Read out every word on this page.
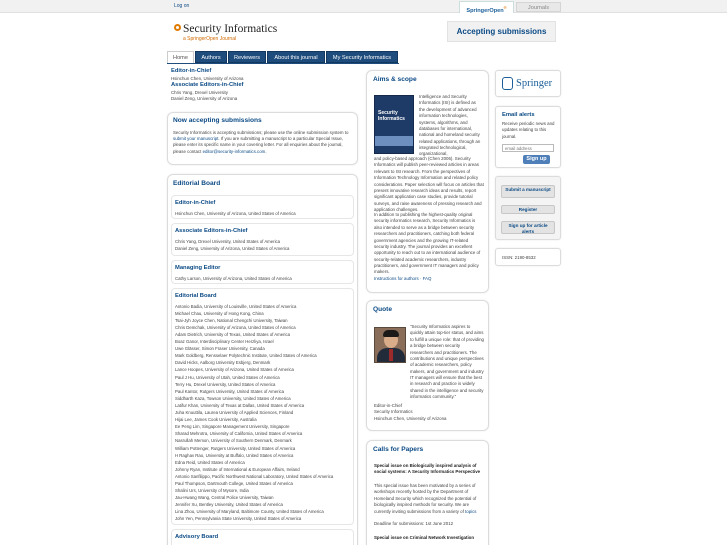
Log on
SpringerOpen®	Journals
Security Informatics
a SpringerOpen Journal
Accepting submissions
Home	Authors	Reviewers	About this journal	My Security Informatics
Editor-in-Chief
Hsinchun Chen, University of Arizona
Associate Editors-in-Chief
Chris Yang, Drexel University
Daniel Zeng, University of Arizona
Now accepting submissions
Security Informatics is accepting submissions; please use the online submission system to submit your manuscript. If you are submitting a manuscript to a particular Special Issue, please enter its specific name in your covering letter. For all enquiries about the journal, please contact editor@security-informatics.com.
Editorial Board
Editor-in-Chief
Hsinchun Chen, University of Arizona, United States of America
Associate Editors-in-Chief
Chris Yang, Drexel University, United States of America
Daniel Zeng, University of Arizona, United States of America
Managing Editor
Cathy Larson, University of Arizona, United States of America
Editorial Board
Antonio Badia, University of Louisville, United States of America
Michael Chau, University of Hong Kong, China
Tsai-Jyh Joyce Chen, National Chengchi University, Taiwan
Chris Demchak, University of Arizona, United States of America
Adam Dietrich, University of Texas, United States of America
Boaz Ganor, Interdisciplinary Center Herzliya, Israel
Uwe Glässer, Simon Fraser University, Canada
Mark Goldberg, Rensselaer Polytechnic Institute, United States of America
David Hicks, Aalborg University Esbjerg, Denmark
Lance Hoopes, University of Arizona, United States of America
Paul J Hu, University of Utah, United States of America
Terry Hu, Drexel University, United States of America
Paul Kantor, Rutgers University, United States of America
Siddharth Kaza, Towson University, United States of America
Latifur Khan, University of Texas at Dallas, United States of America
Juha Knuuttila, Laurea University of Applied Sciences, Finland
Hijai Lee, James Cook University, Australia
Ee Peng Lim, Singapore Management University, Singapore
Sharad Mehrotra, University of California, United States of America
Nasrullah Memon, University of Southern Denmark, Denmark
William Pottenger, Rutgers University, United States of America
H Raghav Rao, University at Buffalo, United States of America
Edna Reid, United States of America
Johnny Ryan, Institute of International & European Affairs, Ireland
Antonio Sanfilippo, Pacific Northwest National Laboratory, United States of America
Paul Thompson, Dartmouth College, United States of America
Shalini Urs, University of Mysore, India
Jau-Hwang Wang, Central Police University, Taiwan
Jennifer Xu, Bentley University, United States of America
Lina Zhou, University of Maryland, Baltimore County, United States of America
John Yen, Pennsylvania State University, United States of America
Advisory Board
Aims & scope
Security Informatics
Intelligence and Security Informatics (ISI) is defined as the development of advanced information technologies, systems, algorithms, and databases for international, national and homeland security related applications, through an integrated technological, organizational,
and policy-based approach (Chen 2006). Security Informatics will publish peer-reviewed articles in areas relevant to ISI research. From the perspectives of Information Technology Information and related policy considerations. Paper selection will focus on articles that present innovative research ideas and results, report significant application case studies, provide tutorial surveys, and raise awareness of pressing research and application challenges.
In addition to publishing the highest-quality original security informatics research, Security Informatics is also intended to serve as a bridge between security researchers and practitioners, catching both federal government agencies and the growing IT-related security industry. The journal provides an excellent opportunity to reach out to an international audience of security-related academic researchers, industry practitioners, and government IT managers and policy makers.
Instructions for authors · FAQ
Quote
"Security Informatics aspires to quickly attain top-tier status, and aims to fulfill a unique role: that of providing a bridge between security researchers and practitioners. The contributions and unique perspectives of academic researchers, policy makers, and government and industry IT managers will ensure that the best in research and practice is widely shared in the intelligence and security informatics community."
Editor-in-Chief
Security Informatics
Hsinchun Chen, University of Arizona
Calls for Papers
Special issue on Biologically inspired analysis of social systems: A Security Informatics Perspective
This special issue has been motivated by a series of workshops recently hosted by the Department of Homeland Security which recognized the potential of biologically inspired methods for security. We are currently inviting submissions from a variety of topics
Deadline for submissions: 1st June 2012
Special issue on Criminal Network Investigation
Springer
Email alerts
Receive periodic news and updates relating to this journal.
email address
Sign up
Submit a manuscript
Register
Sign up for article alerts
ISSN: 2190-8532
